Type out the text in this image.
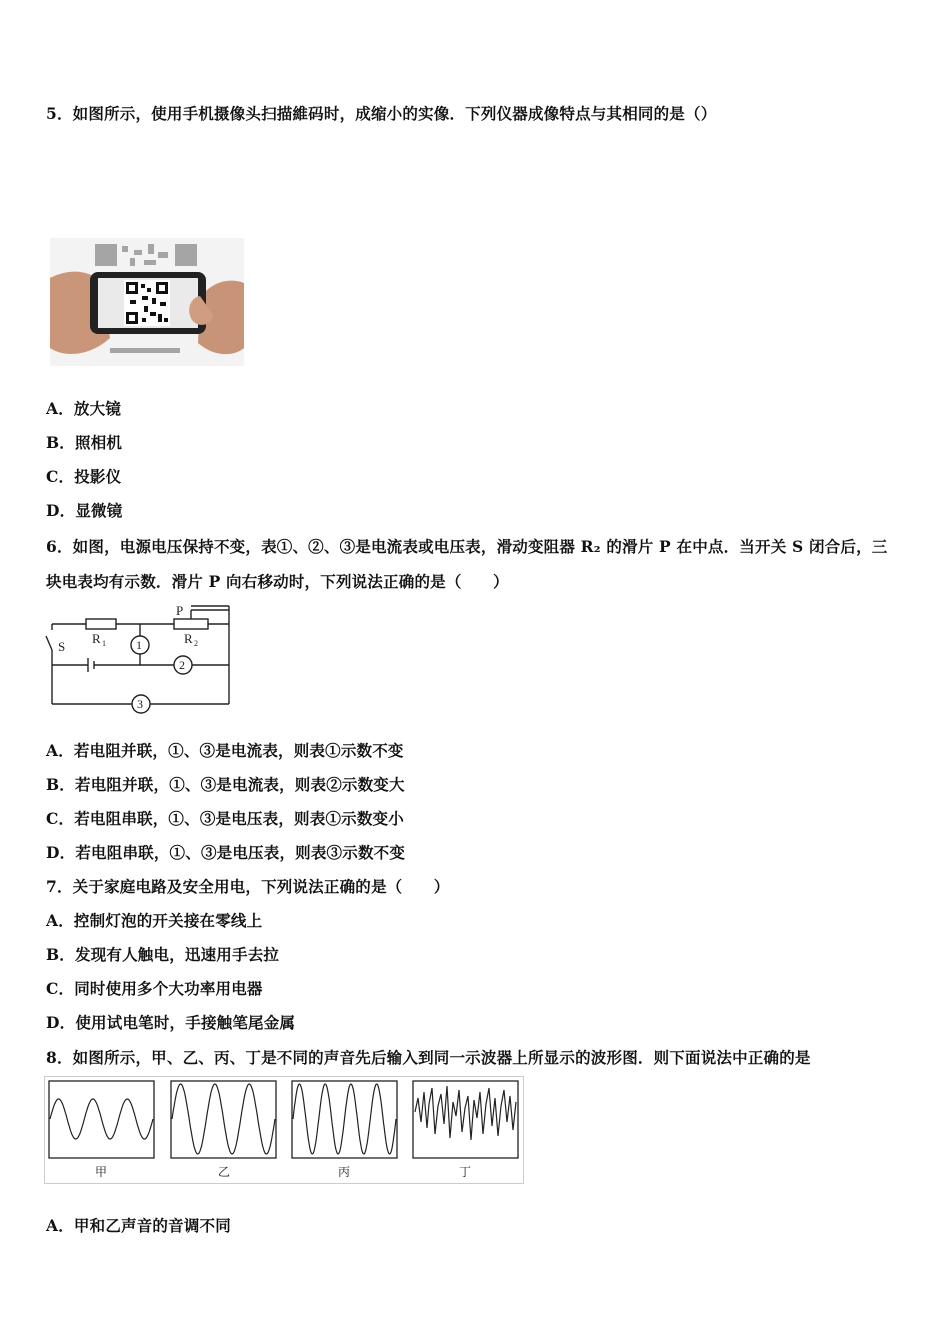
5．如图所示，使用手机摄像头扫描維码时，成缩小的实像．下列仪器成像特点与其相同的是（）
A．放大镜
B．照相机
C．投影仪
D．显微镜
6．如图，电源电压保持不变，表①、②、③是电流表或电压表，滑动变阻器 R₂ 的滑片 P 在中点．当开关 S 闭合后，三
块电表均有示数．滑片 P 向右移动时，下列说法正确的是（　　）
S
R 1	R 2
P
1
2
3
A．若电阻并联，①、③是电流表，则表①示数不变
B．若电阻并联，①、③是电流表，则表②示数变大
C．若电阻串联，①、③是电压表，则表①示数变小
D．若电阻串联，①、③是电压表，则表③示数不变
7．关于家庭电路及安全用电，下列说法正确的是（　　）
A．控制灯泡的开关接在零线上
B．发现有人触电，迅速用手去拉
C．同时使用多个大功率用电器
D．使用试电笔时，手接触笔尾金属
8．如图所示，甲、乙、丙、丁是不同的声音先后输入到同一示波器上所显示的波形图．则下面说法中正确的是
甲	乙	丙	丁
A．甲和乙声音的音调不同
